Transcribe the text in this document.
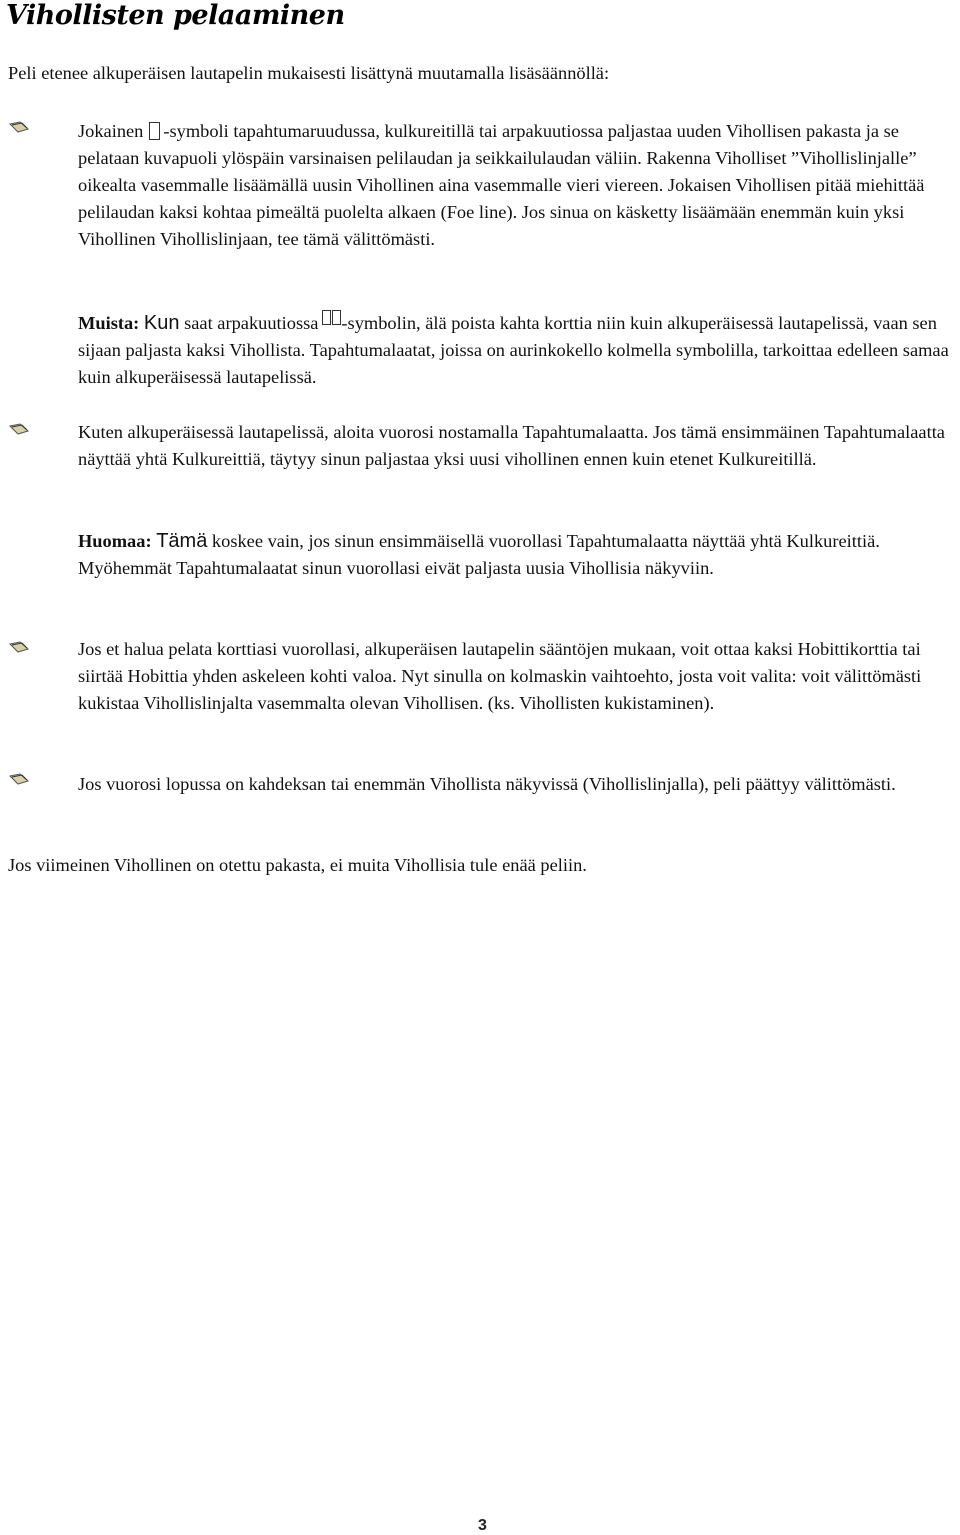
Vihollisten pelaaminen

Peli etenee alkuperäisen lautapelin mukaisesti lisättynä muutamalla lisäsäännöllä:

Jokainen -symboli tapahtumaruudussa, kulkureitillä tai arpakuutiossa paljastaa uuden Vihollisen pakasta ja se pelataan kuvapuoli ylöspäin varsinaisen pelilaudan ja seikkailulaudan väliin. Rakenna Viholliset ”Vihollislinjalle” oikealta vasemmalle lisäämällä uusin Vihollinen aina vasemmalle vieri viereen. Jokaisen Vihollisen pitää miehittää pelilaudan kaksi kohtaa pimeältä puolelta alkaen (Foe line). Jos sinua on käsketty lisäämään enemmän kuin yksi Vihollinen Vihollislinjaan, tee tämä välittömästi.

Muista: Kun saat arpakuutiossa -symbolin, älä poista kahta korttia niin kuin alkuperäisessä lautapelissä, vaan sen sijaan paljasta kaksi Vihollista. Tapahtumalaatat, joissa on aurinkokello kolmella symbolilla, tarkoittaa edelleen samaa kuin alkuperäisessä lautapelissä.

Kuten alkuperäisessä lautapelissä, aloita vuorosi nostamalla Tapahtumalaatta. Jos tämä ensimmäinen Tapahtumalaatta näyttää yhtä Kulkureittiä, täytyy sinun paljastaa yksi uusi vihollinen ennen kuin etenet Kulkureitillä.

Huomaa: Tämä koskee vain, jos sinun ensimmäisellä vuorollasi Tapahtumalaatta näyttää yhtä Kulkureittiä. Myöhemmät Tapahtumalaatat sinun vuorollasi eivät paljasta uusia Vihollisia näkyviin.

Jos et halua pelata korttiasi vuorollasi, alkuperäisen lautapelin sääntöjen mukaan, voit ottaa kaksi Hobittikorttia tai siirtää Hobittia yhden askeleen kohti valoa. Nyt sinulla on kolmaskin vaihtoehto, josta voit valita: voit välittömästi kukistaa Vihollislinjalta vasemmalta olevan Vihollisen. (ks. Vihollisten kukistaminen).

Jos vuorosi lopussa on kahdeksan tai enemmän Vihollista näkyvissä (Vihollislinjalla), peli päättyy välittömästi.

Jos viimeinen Vihollinen on otettu pakasta, ei muita Vihollisia tule enää peliin.

3
